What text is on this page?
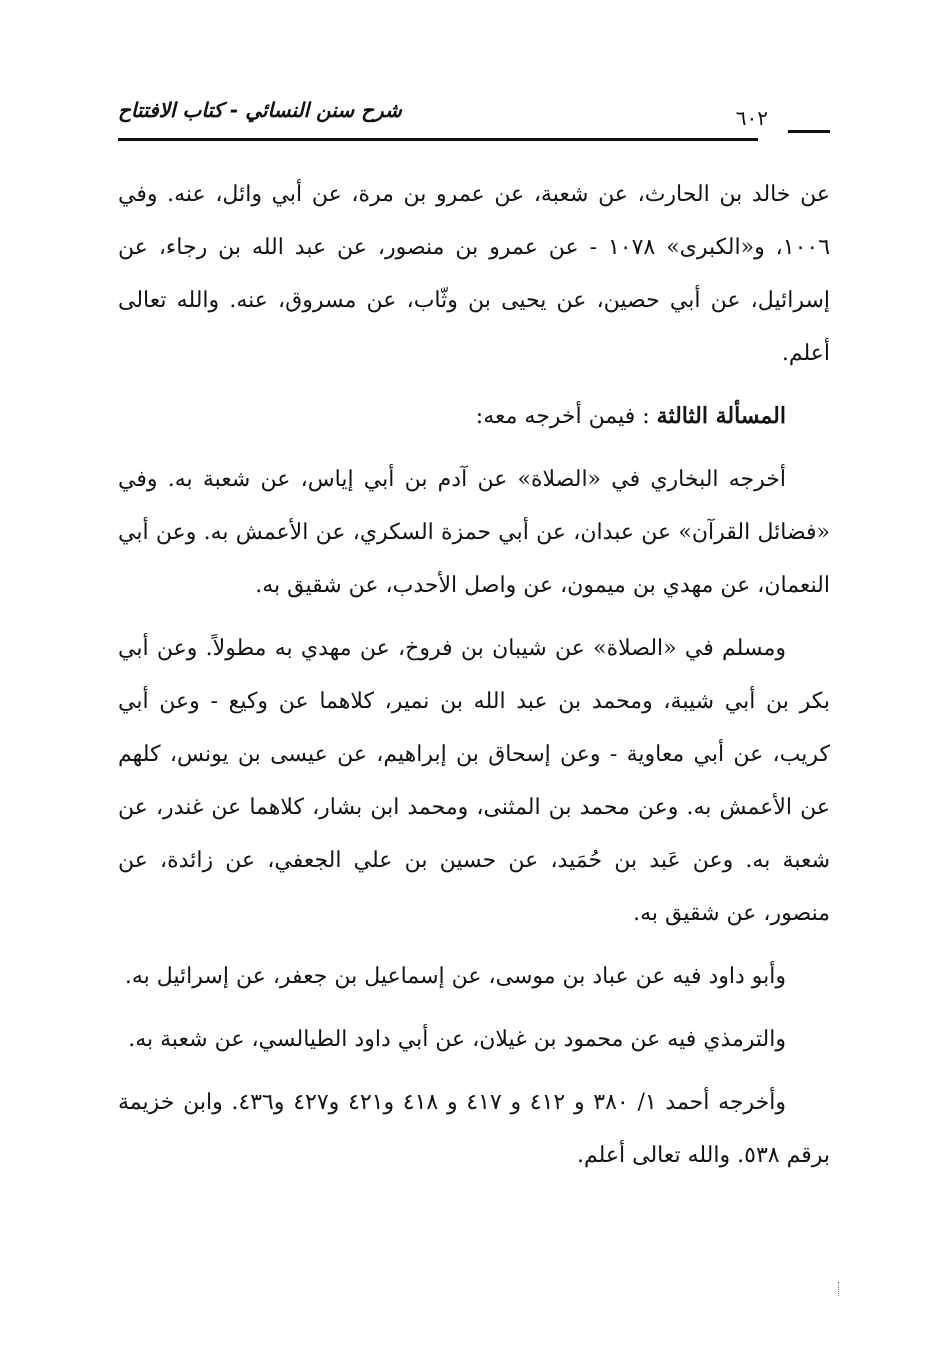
شرح سنن النسائي - كتاب الافتتاح	٦٠٢

عن خالد بن الحارث، عن شعبة، عن عمرو بن مرة، عن أبي وائل، عنه. وفي ١٠٠٦، و«الكبرى» ١٠٧٨ - عن عمرو بن منصور، عن عبد الله بن رجاء، عن إسرائيل، عن أبي حصين، عن يحيى بن وثّاب، عن مسروق، عنه. والله تعالى أعلم.

المسألة الثالثة : فيمن أخرجه معه:

أخرجه البخاري في «الصلاة» عن آدم بن أبي إياس، عن شعبة به. وفي «فضائل القرآن» عن عبدان، عن أبي حمزة السكري، عن الأعمش به. وعن أبي النعمان، عن مهدي بن ميمون، عن واصل الأحدب، عن شقيق به.

ومسلم في «الصلاة» عن شيبان بن فروخ، عن مهدي به مطولاً. وعن أبي بكر بن أبي شيبة، ومحمد بن عبد الله بن نمير، كلاهما عن وكيع - وعن أبي كريب، عن أبي معاوية - وعن إسحاق بن إبراهيم، عن عيسى بن يونس، كلهم عن الأعمش به. وعن محمد بن المثنى، ومحمد ابن بشار، كلاهما عن غندر، عن شعبة به. وعن عَبد بن حُمَيد، عن حسين بن علي الجعفي، عن زائدة، عن منصور، عن شقيق به.

وأبو داود فيه عن عباد بن موسى، عن إسماعيل بن جعفر، عن إسرائيل به.

والترمذي فيه عن محمود بن غيلان، عن أبي داود الطيالسي، عن شعبة به.

وأخرجه أحمد ١/ ٣٨٠ و ٤١٢ و ٤١٧ و ٤١٨ و٤٢١ و٤٢٧ و٤٣٦. وابن خزيمة برقم ٥٣٨. والله تعالى أعلم.
